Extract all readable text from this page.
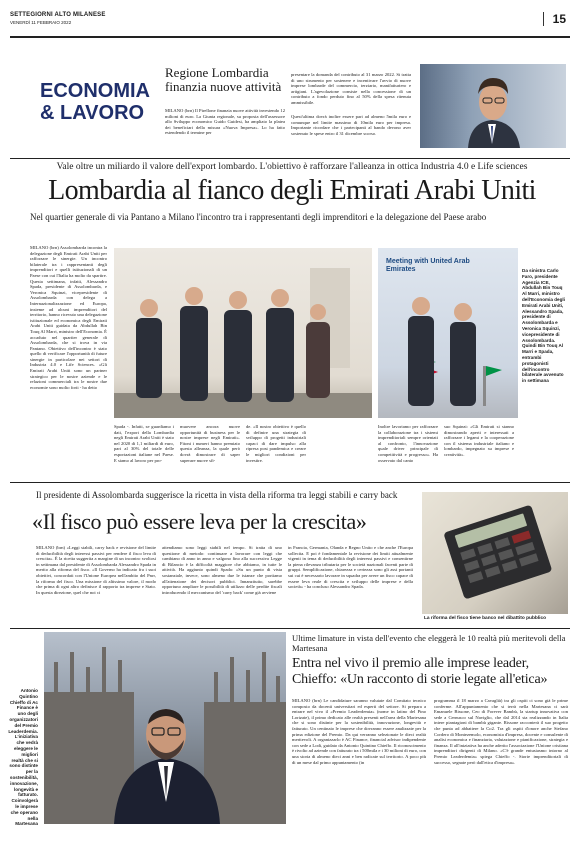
SETTEGIORNI ALTO MILANESE
VENERDÌ 11 FEBBRAIO 2022	15
ECONOMIA
& LAVORO
Regione Lombardia finanzia nuove attività
MILANO (brn) Il Pirellone finanzia nuove attività investendo 12 milioni di euro. La Giunta regionale, su proposta dell'assessore allo Sviluppo economico Guido Guidesi, ha ampliato la platea dei beneficiari della misura «Nuova Impresa». Lo ha fatto estendendo il termine per
presentare la domanda del contributo al 31 marzo 2022. Si tratta di uno strumento per sostenere e incentivare l'avvio di nuove imprese lombarde del commercio, terziario, manifatturiero e artigiani. L'agevolazione consiste nella concessione di un contributo a fondo perduto fino al 50% della spesa ritenuta ammissibile.
Quest'ultima dovrà inoltre essere pari ad almeno 5mila euro e comunque nel limite massimo di 10mila euro per impresa. Importante ricordare che i partecipanti al bando devono aver sostenuto le spese entro il 31 dicembre scorso.
Vale oltre un miliardo il valore dell'export lombardo. L'obiettivo è rafforzare l'alleanza in ottica Industria 4.0 e Life sciences
Lombardia al fianco degli Emirati Arabi Uniti
Nel quartier generale di via Pantano a Milano l'incontro tra i rappresentanti degli imprenditori e la delegazione del Paese arabo
MILANO (brn) Assolombarda incontra la delegazione degli Emirati Arabi Uniti per rafforzare le sinergie. Un incontro bilaterale tra i rappresentanti degli imprenditori e quelli istituzionali di un Paese con cui l'Italia ha molto da spartire. Questa settimana, infatti, Alessandro Spada, presidente di Assolombarda, e Veronica Squinzi, vicepresidente di Assolombarda con delega a Internazionalizzazione ed Europa, insieme ad alcuni imprenditori del territorio, hanno ricevuto una delegazione istituzionale ed economica degli Emirati Arabi Uniti guidata da Abdullah Bin Touq Al Marri, ministro dell'Economia. È accaduto nel quartier generale di Assolombarda, che si trova in via Pantano. Obiettivo dell'incontro è stato quello di verificare l'opportunità di future sinergie in particolare nei settori di Industria 4.0 e Life Sciences. «Gli Emirati Arabi Uniti sono un partner strategico per le nostre aziende e le relazioni commerciali tra le nostre due economie sono molto forti - ha detto
Spada -. Infatti, se guardiamo i dati, l'export della Lombardia negli Emirati Arabi Uniti è stato nel 2020 di 1,1 miliardi di euro, pari al 30% del totale delle esportazioni italiane nel Paese. E siamo al lavoro per pro-
muovere ancora nuove opportunità di business per le nostre imprese negli Emirati». Fitoni i numeri hanno premiato questa alleanza, la quale però dovrà dimostrare di saper superare nuove sfi-
de. «Il nostro obiettivo è quello di definire una strategia di sviluppo di progetti industriali capaci di dare impulso alla ripresa post pandemica e creare le migliori condizioni per investire.
Inoltre lavoriamo per rafforzare la collaborazione tra i sistemi imprenditoriali sempre orientati al confronto, l'innovazione quale driver principale di competitività e progresso». Ha osservato dal canto
suo Squinzi: «Gli Emirati si stanno dimostrando aperti e interessati a rafforzare i legami e la cooperazione con il sistema industriale italiano e lombardo, impegnato su imprese e creatività».
Meeting with United Arab Emirates	Da sinistra Carlo Faro, presidente Agenzia ICE, Abdullah Bin Touq Al Marri, ministro dell'Economia degli Emirati Arabi Uniti, Alessandro Spada, presidente di Assolombarda e Veronica Squinzi, vicepresidente di Assolombarda. Quindi Bin Touq Al Marri e Spada, entrambi protagonisti dell'incontro bilaterale avvenuto in settimana
Il presidente di Assolombarda suggerisce la ricetta in vista della riforma tra leggi stabili e carry back
«Il fisco può essere leva per la crescita»
MILANO (brn) «Leggi stabili, carry back e revisione del limite di deducibilità degli interessi passivi per rendere il fisco leva di crescita». È la ricetta suggerita a margine di un incontro svoltosi in settimana dal presidente di Assolombarda Alessandro Spada in merito alla riforma del fisco. «Il Governo ha indicato fra i suoi obiettivi, concordati con l'Unione Europea nell'ambito del Pnrr, la riforma del fisco. Una missione di altissimo valore, il modo che prima di ogni altro definisce il rapporto tra imprese e Stato. In questa direzione, quel che noi ci
attendiamo sono leggi stabili nel tempo. Si tratta di uno questione di metodo: continuare a lavorare con leggi che cambiano di anno in anno e valgono fino alla successiva Legge di Bilancio è la difficoltà maggiore che abbiamo, in tutte le attività. Ha aggiunto quindi Spada: «Su un punto di vista sostanziale, invece, sono almeno due le istanze che portiamo all'attenzione dei decisori pubblici. Innanzitutto, sarebbe opportuno ampliare le possibilità di utilizzo delle perdite fiscali introducendo il meccanismo del 'carry back' come già avviene
in Francia, Germania, Olanda e Regno Unito e che anche l'Europa sollecita. E poi è fondamentale la revisione dei limiti attualmente vigenti in tema di deducibilità degli interessi passivi e consentirne la piena rilevanza tributaria per le società nazionali facenti parte di gruppi. Semplificazione, chiarezza e certezza sono gli assi portanti sui cui è necessario lavorare in squadra per avere un fisco capace di essere leva reale di crescita e sviluppo delle imprese e della società» - ha concluso Alessandro Spada.
La riforma del fisco tiene banco nel dibattito pubblico
Antonio Quintino Chieffo di Ac Finance è uno degli organizzatori del Premio Leaderdemia. L'iniziativa che vedrà eleggere le migliori realtà che si sono distinte per la sostenibilità, innovazione, longevità e fatturato. Coinvolgerà le imprese che operano nella Martesana
Ultime limature in vista dell'evento che eleggerà le 10 realtà più meritevoli della Martesana
Entra nel vivo il premio alle imprese leader, Chieffo: «Un racconto di storie legate all'etica»
MILANO (brn) Le candidature saranno valutate dal Comitato tecnico composto da docenti universitari ed esperti del settore. Si prepara a entrare nel vivo il «Premio Leaderdemia» (nome in latino del Pino Lorizate), il primo dedicato alle realtà presenti nell'area della Martesana che si sono distinte per la sostenibilità, innovazione, longevità e fatturato. Un centinaio le imprese che dovranno essere analizzate per la prima edizione del Premio. Da qui verranno selezionate le dieci realtà meritevoli. A organizzarlo è AC Finance, financial advisor indipendente con sede a Lodi, guidato da Antonio Quintino Chieffo. Il riconoscimento è rivolto ad aziende con fatturato tra i 500mila e i 30 milioni di euro, con una storia di almeno dieci anni e ben radicate sul territorio. A poco più di un mese dal primo appuntamento (in
programma il 18 marzo a Cavaglià) tra gli ospiti ci sono già le prime conferme. All'appuntamento che si terrà nella Martesana ci sarà Emanuele Bissone, Ceo di Forever Bambù, la startup innovativa con sede a Cernusco sul Naviglio, che dal 2014 sta realizzando in Italia intere piantagioni di bambù gigante. Rissone racconterà il suo progetto che punta ad abbattere la Co2. Tra gli ospiti d'onore anche Stefano Cordero di Montezemolo, economista d'impresa, docente e consulente di analisi economica e finanziaria, valutazione e pianificazione, strategia e finanza. Il all'iniziativa ha anche aderito l'associazione l'Unione cristiana imprenditori dirigenti di Milano. «C'è grande entusiasmo intorno al Premio Leaderdemia» spiega Chieffo -. Storie imprenditoriali di successo, segnate però dall'etica d'impresa».
